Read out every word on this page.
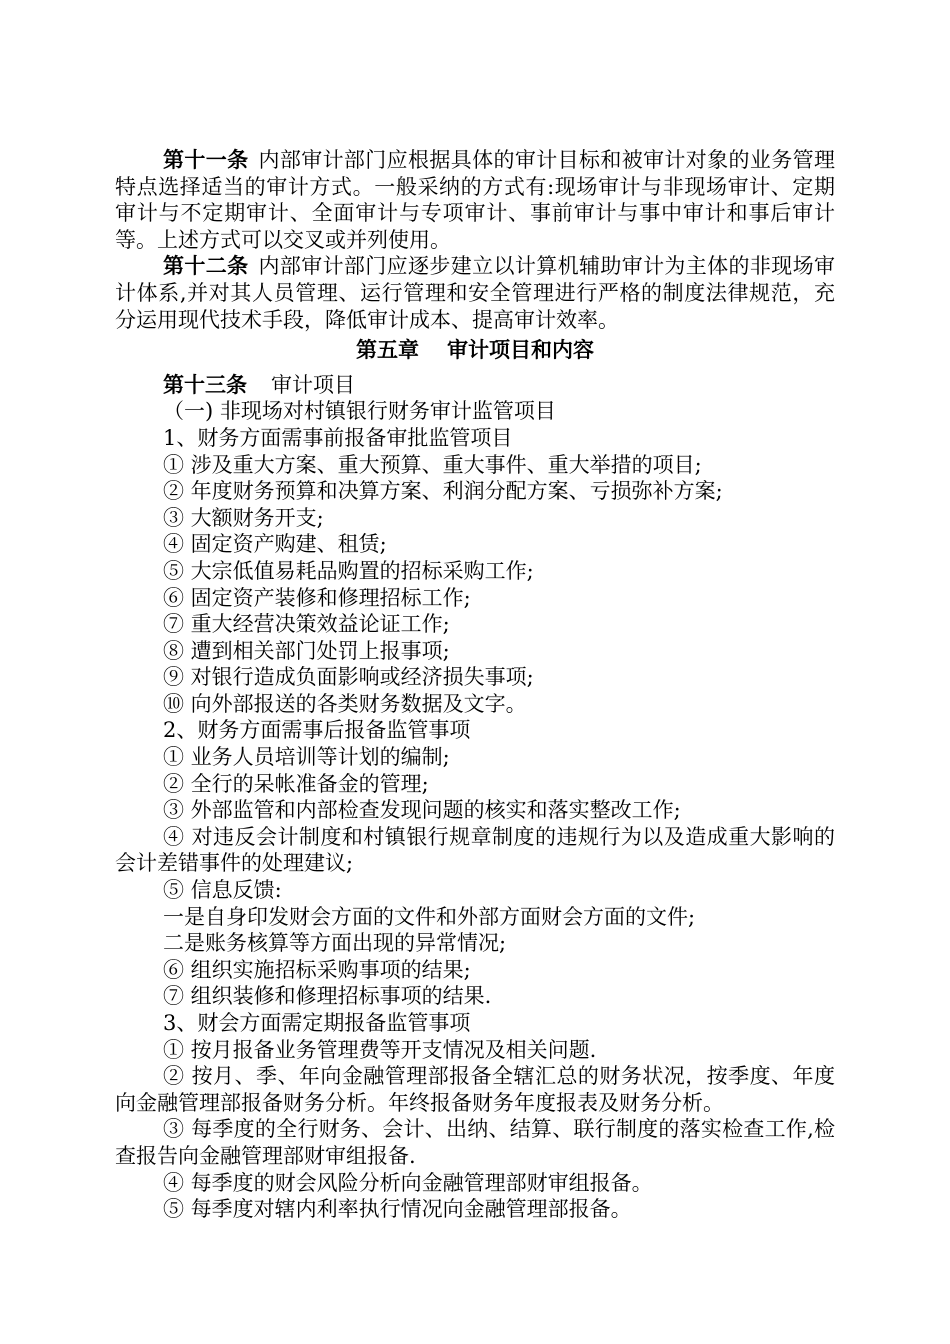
第十一条 内部审计部门应根据具体的审计目标和被审计对象的业务管理特点选择适当的审计方式。一般采纳的方式有:现场审计与非现场审计、定期审计与不定期审计、全面审计与专项审计、事前审计与事中审计和事后审计等。上述方式可以交叉或并列使用。

第十二条 内部审计部门应逐步建立以计算机辅助审计为主体的非现场审计体系,并对其人员管理、运行管理和安全管理进行严格的制度法律规范，充分运用现代技术手段，降低审计成本、提高审计效率。

第五章 审计项目和内容

第十三条 审计项目

（一) 非现场对村镇银行财务审计监管项目

1、财务方面需事前报备审批监管项目

① 涉及重大方案、重大预算、重大事件、重大举措的项目;

② 年度财务预算和决算方案、利润分配方案、亏损弥补方案;

③ 大额财务开支;

④ 固定资产购建、租赁;

⑤ 大宗低值易耗品购置的招标采购工作;

⑥ 固定资产装修和修理招标工作;

⑦ 重大经营决策效益论证工作;

⑧ 遭到相关部门处罚上报事项;

⑨ 对银行造成负面影响或经济损失事项;

⑩ 向外部报送的各类财务数据及文字。

2、财务方面需事后报备监管事项

① 业务人员培训等计划的编制;

② 全行的呆帐准备金的管理;

③ 外部监管和内部检查发现问题的核实和落实整改工作;

④ 对违反会计制度和村镇银行规章制度的违规行为以及造成重大影响的会计差错事件的处理建议;

⑤ 信息反馈:

一是自身印发财会方面的文件和外部方面财会方面的文件;

二是账务核算等方面出现的异常情况;

⑥ 组织实施招标采购事项的结果;

⑦ 组织装修和修理招标事项的结果.

3、财会方面需定期报备监管事项

① 按月报备业务管理费等开支情况及相关问题.

② 按月、季、年向金融管理部报备全辖汇总的财务状况，按季度、年度向金融管理部报备财务分析。年终报备财务年度报表及财务分析。

③ 每季度的全行财务、会计、出纳、结算、联行制度的落实检查工作,检查报告向金融管理部财审组报备.

④ 每季度的财会风险分析向金融管理部财审组报备。

⑤ 每季度对辖内利率执行情况向金融管理部报备。
